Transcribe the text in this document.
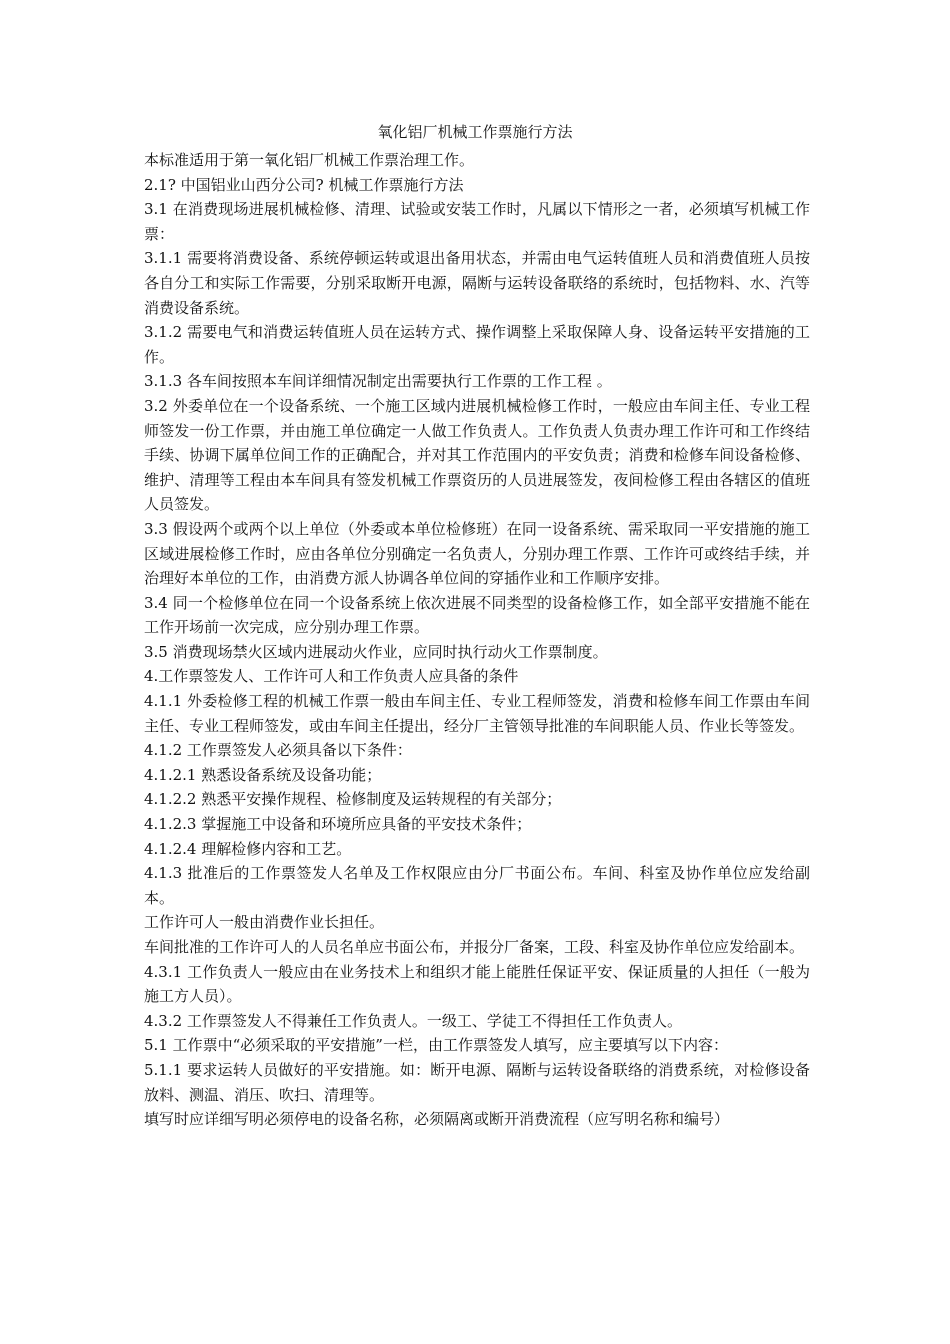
氧化铝厂机械工作票施行方法

本标准适用于第一氧化铝厂机械工作票治理工作。

2.1? 中国铝业山西分公司? 机械工作票施行方法

3.1 在消费现场进展机械检修、清理、试验或安装工作时，凡属以下情形之一者，必须填写机械工作票：

3.1.1 需要将消费设备、系统停顿运转或退出备用状态，并需由电气运转值班人员和消费值班人员按各自分工和实际工作需要，分别采取断开电源，隔断与运转设备联络的系统时，包括物料、水、汽等消费设备系统。

3.1.2 需要电气和消费运转值班人员在运转方式、操作调整上采取保障人身、设备运转平安措施的工作。

3.1.3 各车间按照本车间详细情况制定出需要执行工作票的工作工程 。

3.2 外委单位在一个设备系统、一个施工区域内进展机械检修工作时，一般应由车间主任、专业工程师签发一份工作票，并由施工单位确定一人做工作负责人。工作负责人负责办理工作许可和工作终结手续、协调下属单位间工作的正确配合，并对其工作范围内的平安负责；消费和检修车间设备检修、维护、清理等工程由本车间具有签发机械工作票资历的人员进展签发，夜间检修工程由各辖区的值班人员签发。

3.3 假设两个或两个以上单位（外委或本单位检修班）在同一设备系统、需采取同一平安措施的施工区域进展检修工作时，应由各单位分别确定一名负责人，分别办理工作票、工作许可或终结手续，并治理好本单位的工作，由消费方派人协调各单位间的穿插作业和工作顺序安排。

3.4 同一个检修单位在同一个设备系统上依次进展不同类型的设备检修工作，如全部平安措施不能在工作开场前一次完成，应分别办理工作票。

3.5 消费现场禁火区域内进展动火作业，应同时执行动火工作票制度。

4.工作票签发人、工作许可人和工作负责人应具备的条件

4.1.1 外委检修工程的机械工作票一般由车间主任、专业工程师签发，消费和检修车间工作票由车间主任、专业工程师签发，或由车间主任提出，经分厂主管领导批准的车间职能人员、作业长等签发。

4.1.2 工作票签发人必须具备以下条件：

4.1.2.1 熟悉设备系统及设备功能；

4.1.2.2 熟悉平安操作规程、检修制度及运转规程的有关部分；

4.1.2.3 掌握施工中设备和环境所应具备的平安技术条件；

4.1.2.4 理解检修内容和工艺。

4.1.3 批准后的工作票签发人名单及工作权限应由分厂书面公布。车间、科室及协作单位应发给副本。

工作许可人一般由消费作业长担任。

车间批准的工作许可人的人员名单应书面公布，并报分厂备案，工段、科室及协作单位应发给副本。

4.3.1 工作负责人一般应由在业务技术上和组织才能上能胜任保证平安、保证质量的人担任（一般为施工方人员）。

4.3.2 工作票签发人不得兼任工作负责人。一级工、学徒工不得担任工作负责人。

5.1 工作票中“必须采取的平安措施”一栏，由工作票签发人填写，应主要填写以下内容：

5.1.1 要求运转人员做好的平安措施。如：断开电源、隔断与运转设备联络的消费系统，对检修设备放料、测温、消压、吹扫、清理等。

填写时应详细写明必须停电的设备名称，必须隔离或断开消费流程（应写明名称和编号）
